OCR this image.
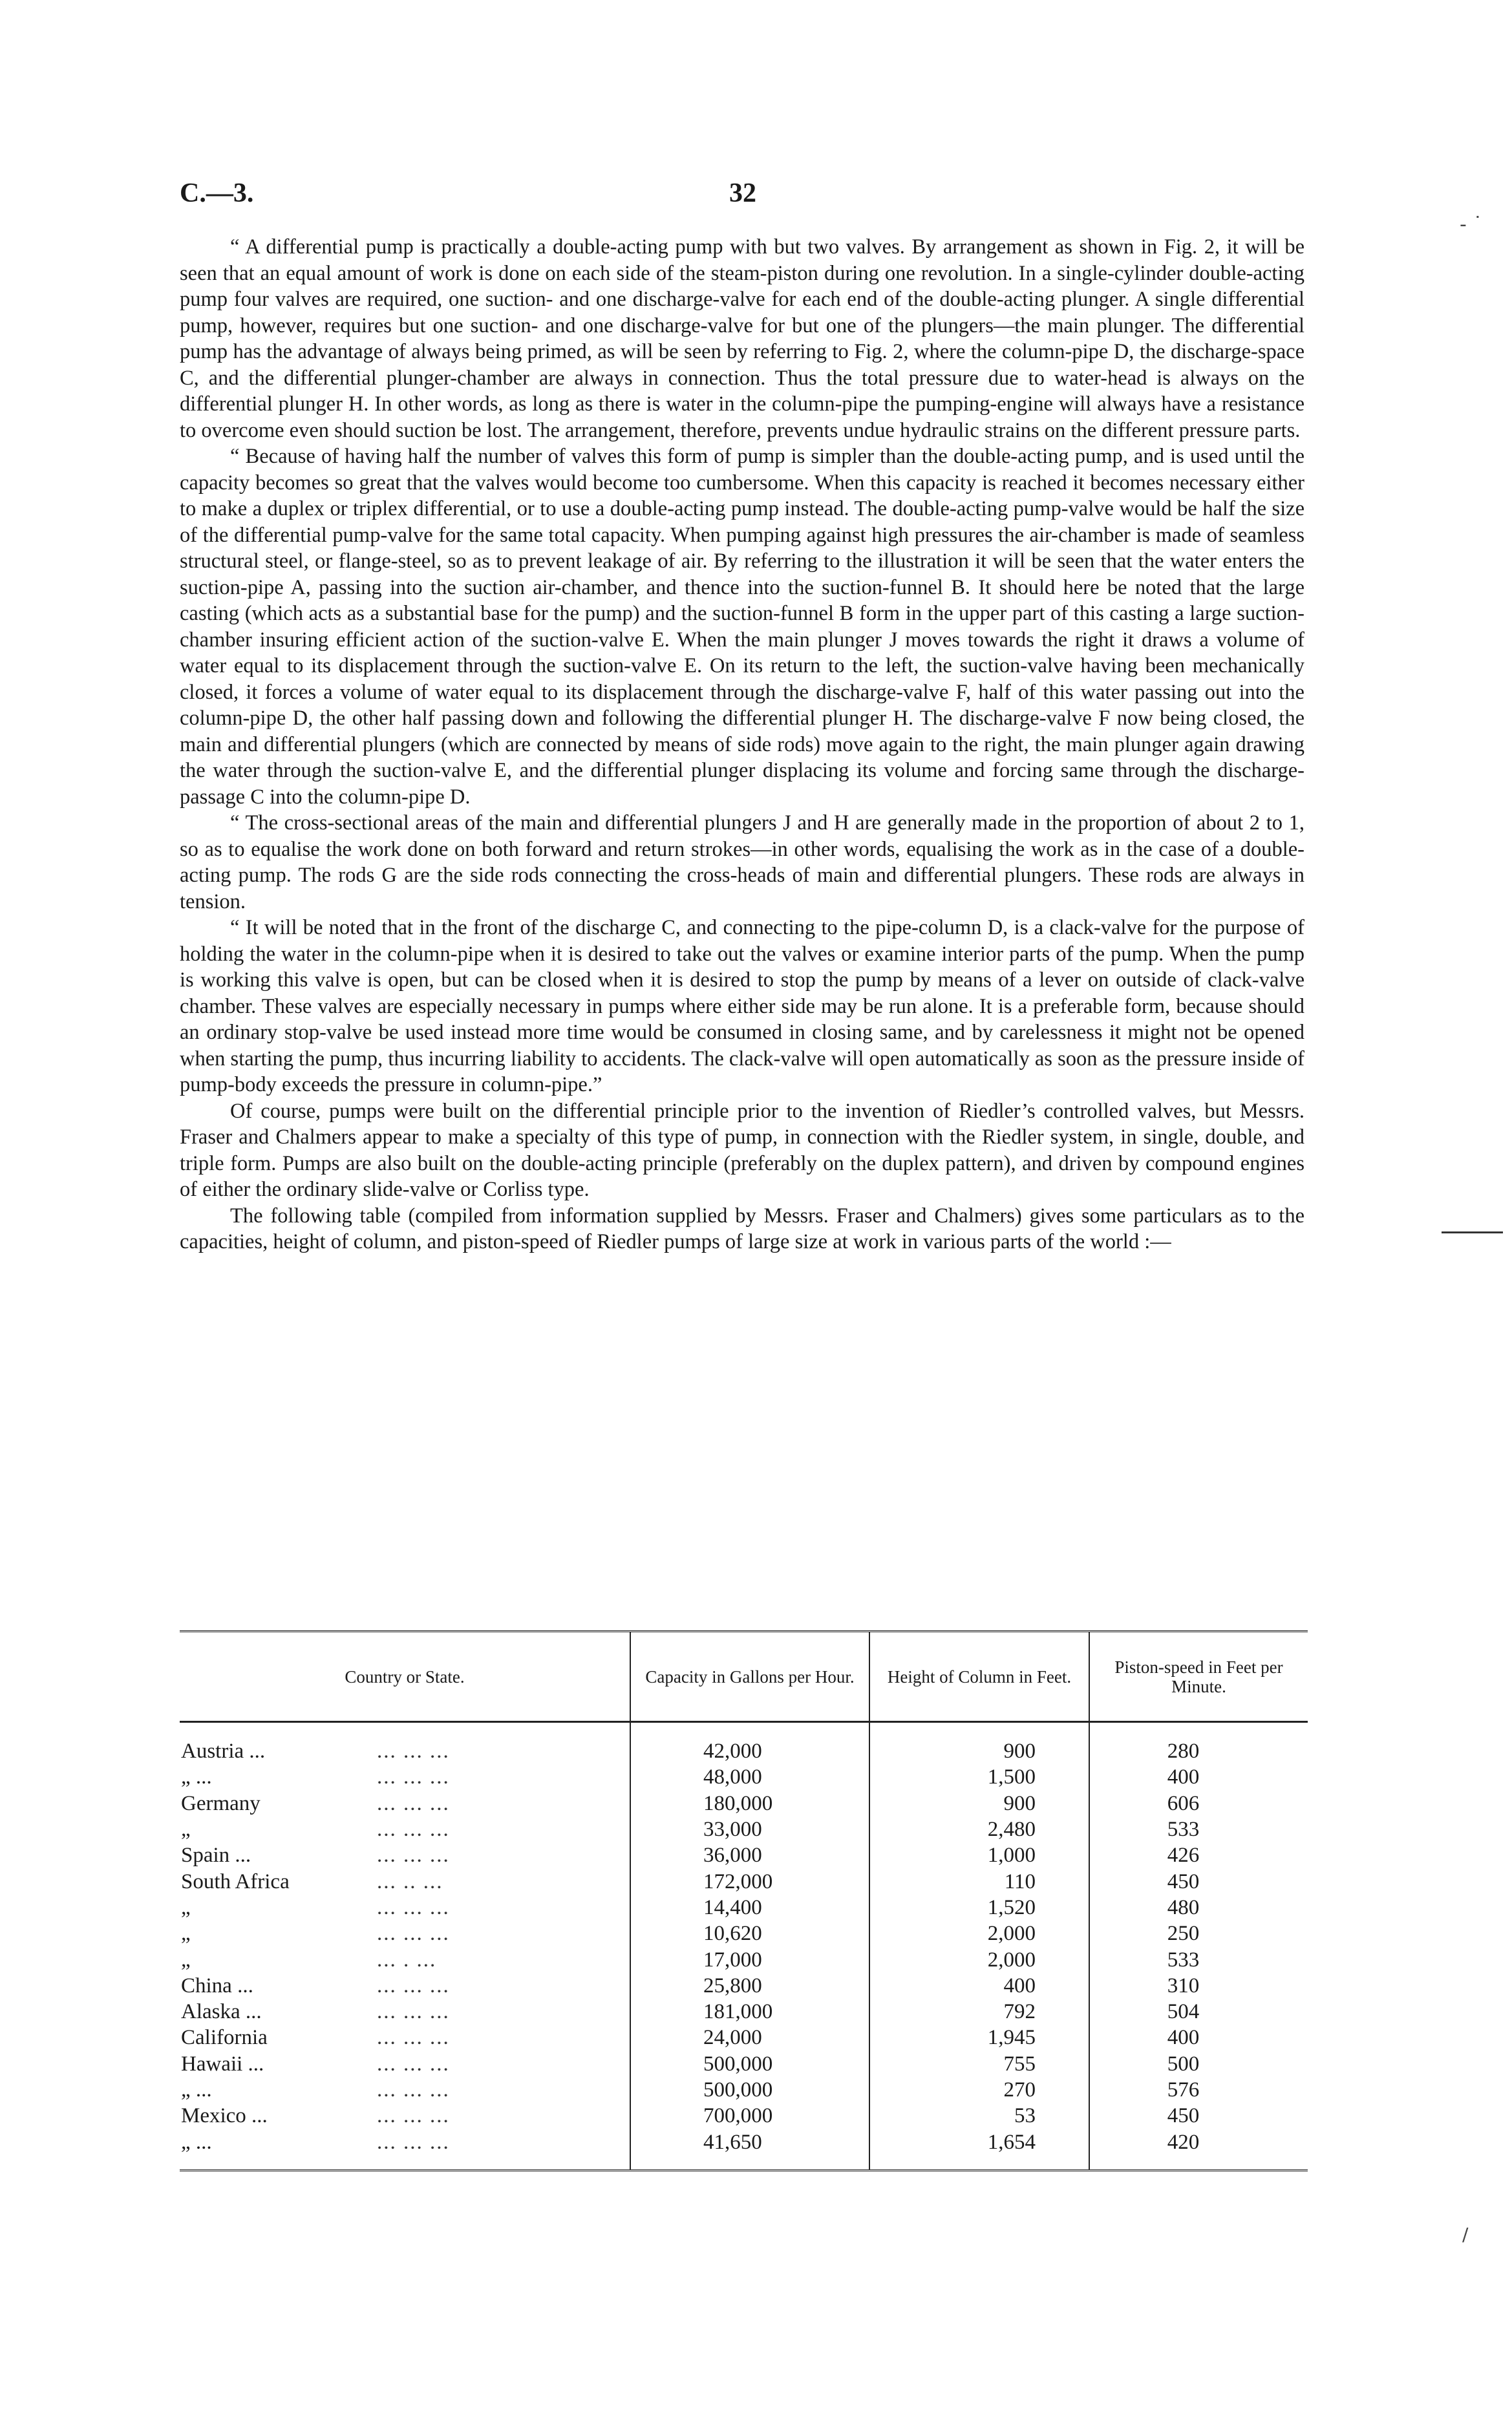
C.—3.	32

“ A differential pump is practically a double-acting pump with but two valves. By arrangement as shown in Fig. 2, it will be seen that an equal amount of work is done on each side of the steam-piston during one revolution. In a single-cylinder double-acting pump four valves are required, one suction- and one discharge-valve for each end of the double-acting plunger. A single differential pump, however, requires but one suction- and one discharge-valve for but one of the plungers—the main plunger. The differential pump has the advantage of always being primed, as will be seen by referring to Fig. 2, where the column-pipe D, the discharge-space C, and the differential plunger-chamber are always in connection. Thus the total pressure due to water-head is always on the differential plunger H. In other words, as long as there is water in the column-pipe the pumping-engine will always have a resistance to overcome even should suction be lost. The arrangement, therefore, prevents undue hydraulic strains on the different pressure parts.

“ Because of having half the number of valves this form of pump is simpler than the double-acting pump, and is used until the capacity becomes so great that the valves would become too cumbersome. When this capacity is reached it becomes necessary either to make a duplex or triplex differential, or to use a double-acting pump instead. The double-acting pump-valve would be half the size of the differential pump-valve for the same total capacity. When pumping against high pressures the air-chamber is made of seamless structural steel, or flange-steel, so as to prevent leakage of air. By referring to the illustration it will be seen that the water enters the suction-pipe A, passing into the suction air-chamber, and thence into the suction-funnel B. It should here be noted that the large casting (which acts as a substantial base for the pump) and the suction-funnel B form in the upper part of this casting a large suction-chamber insuring efficient action of the suction-valve E. When the main plunger J moves towards the right it draws a volume of water equal to its displacement through the suction-valve E. On its return to the left, the suction-valve having been mechanically closed, it forces a volume of water equal to its displacement through the discharge-valve F, half of this water passing out into the column-pipe D, the other half passing down and following the differential plunger H. The discharge-valve F now being closed, the main and differential plungers (which are connected by means of side rods) move again to the right, the main plunger again drawing the water through the suction-valve E, and the differential plunger displacing its volume and forcing same through the discharge-passage C into the column-pipe D.

“ The cross-sectional areas of the main and differential plungers J and H are generally made in the proportion of about 2 to 1, so as to equalise the work done on both forward and return strokes—in other words, equalising the work as in the case of a double-acting pump. The rods G are the side rods connecting the cross-heads of main and differential plungers. These rods are always in tension.

“ It will be noted that in the front of the discharge C, and connecting to the pipe-column D, is a clack-valve for the purpose of holding the water in the column-pipe when it is desired to take out the valves or examine interior parts of the pump. When the pump is working this valve is open, but can be closed when it is desired to stop the pump by means of a lever on outside of clack-valve chamber. These valves are especially necessary in pumps where either side may be run alone. It is a preferable form, because should an ordinary stop-valve be used instead more time would be consumed in closing same, and by carelessness it might not be opened when starting the pump, thus incurring liability to accidents. The clack-valve will open automatically as soon as the pressure inside of pump-body exceeds the pressure in column-pipe.”

Of course, pumps were built on the differential principle prior to the invention of Riedler’s controlled valves, but Messrs. Fraser and Chalmers appear to make a specialty of this type of pump, in connection with the Riedler system, in single, double, and triple form. Pumps are also built on the double-acting principle (preferably on the duplex pattern), and driven by compound engines of either the ordinary slide-valve or Corliss type.

The following table (compiled from information supplied by Messrs. Fraser and Chalmers) gives some particulars as to the capacities, height of column, and piston-speed of Riedler pumps of large size at work in various parts of the world :—

Country or State.	Capacity in Gallons per Hour.	Height of Column in Feet.	Piston-speed in Feet per Minute.
Austria ... ... ... ...	42,000	900	280
„ ... ... ... ...	48,000	1,500	400
Germany ... ... ...	180,000	900	606
„ ... ... ...	33,000	2,480	533
Spain ... ... ... ...	36,000	1,000	426
South Africa ... .. ...	172,000	110	450
„ ... ... ...	14,400	1,520	480
„ ... ... ...	10,620	2,000	250
„ ... . ...	17,000	2,000	533
China ... ... ... ...	25,800	400	310
Alaska ... ... ... ...	181,000	792	504
California ... ... ...	24,000	1,945	400
Hawaii ... ... ... ...	500,000	755	500
„ ... ... ... ...	500,000	270	576
Mexico ... ... ... ...	700,000	53	450
„ ... ... ... ...	41,650	1,654	420
- ˙
/
